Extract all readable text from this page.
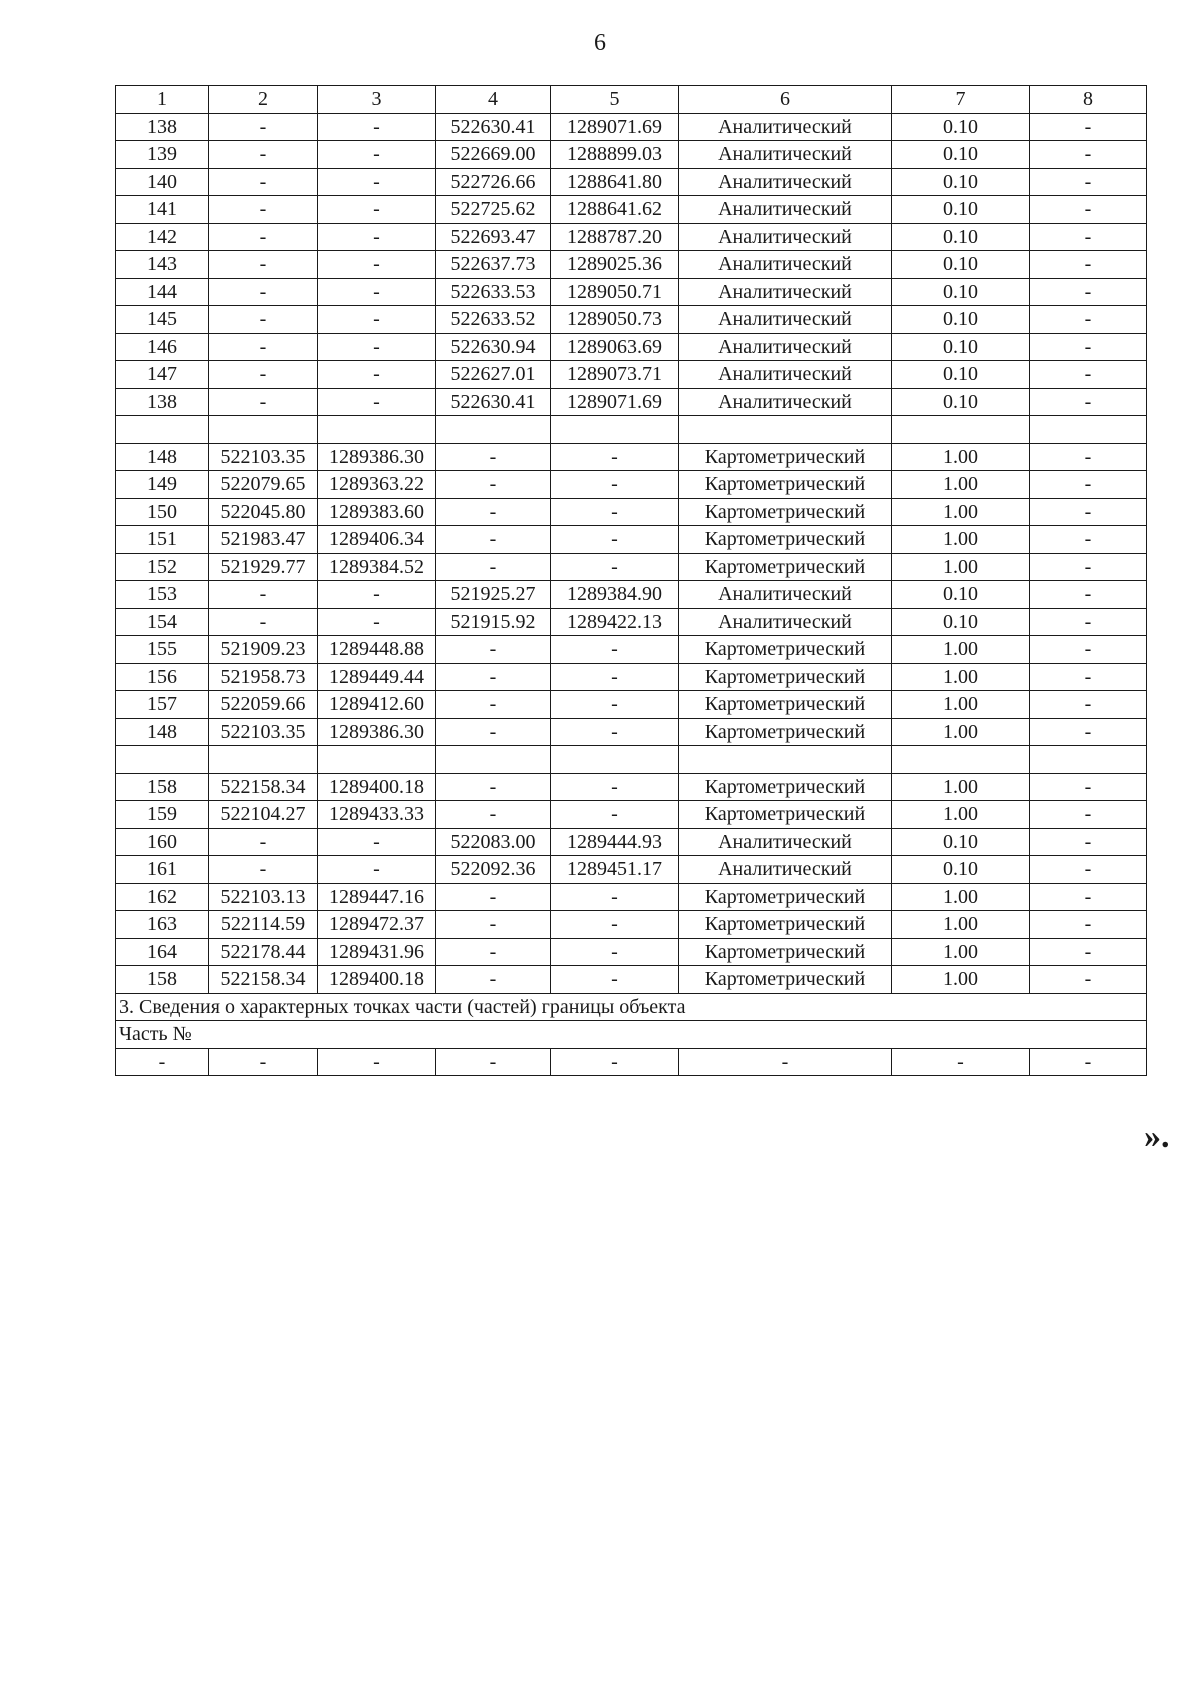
6
1	2	3	4	5	6	7	8
138	-	-	522630.41	1289071.69	Аналитический	0.10	-
139	-	-	522669.00	1288899.03	Аналитический	0.10	-
140	-	-	522726.66	1288641.80	Аналитический	0.10	-
141	-	-	522725.62	1288641.62	Аналитический	0.10	-
142	-	-	522693.47	1288787.20	Аналитический	0.10	-
143	-	-	522637.73	1289025.36	Аналитический	0.10	-
144	-	-	522633.53	1289050.71	Аналитический	0.10	-
145	-	-	522633.52	1289050.73	Аналитический	0.10	-
146	-	-	522630.94	1289063.69	Аналитический	0.10	-
147	-	-	522627.01	1289073.71	Аналитический	0.10	-
138	-	-	522630.41	1289071.69	Аналитический	0.10	-

148	522103.35	1289386.30	-	-	Картометрический	1.00	-
149	522079.65	1289363.22	-	-	Картометрический	1.00	-
150	522045.80	1289383.60	-	-	Картометрический	1.00	-
151	521983.47	1289406.34	-	-	Картометрический	1.00	-
152	521929.77	1289384.52	-	-	Картометрический	1.00	-
153	-	-	521925.27	1289384.90	Аналитический	0.10	-
154	-	-	521915.92	1289422.13	Аналитический	0.10	-
155	521909.23	1289448.88	-	-	Картометрический	1.00	-
156	521958.73	1289449.44	-	-	Картометрический	1.00	-
157	522059.66	1289412.60	-	-	Картометрический	1.00	-
148	522103.35	1289386.30	-	-	Картометрический	1.00	-

158	522158.34	1289400.18	-	-	Картометрический	1.00	-
159	522104.27	1289433.33	-	-	Картометрический	1.00	-
160	-	-	522083.00	1289444.93	Аналитический	0.10	-
161	-	-	522092.36	1289451.17	Аналитический	0.10	-
162	522103.13	1289447.16	-	-	Картометрический	1.00	-
163	522114.59	1289472.37	-	-	Картометрический	1.00	-
164	522178.44	1289431.96	-	-	Картометрический	1.00	-
158	522158.34	1289400.18	-	-	Картометрический	1.00	-
3. Сведения о характерных точках части (частей) границы объекта							
Часть №							
-	-	-	-	-	-	-	-
».
